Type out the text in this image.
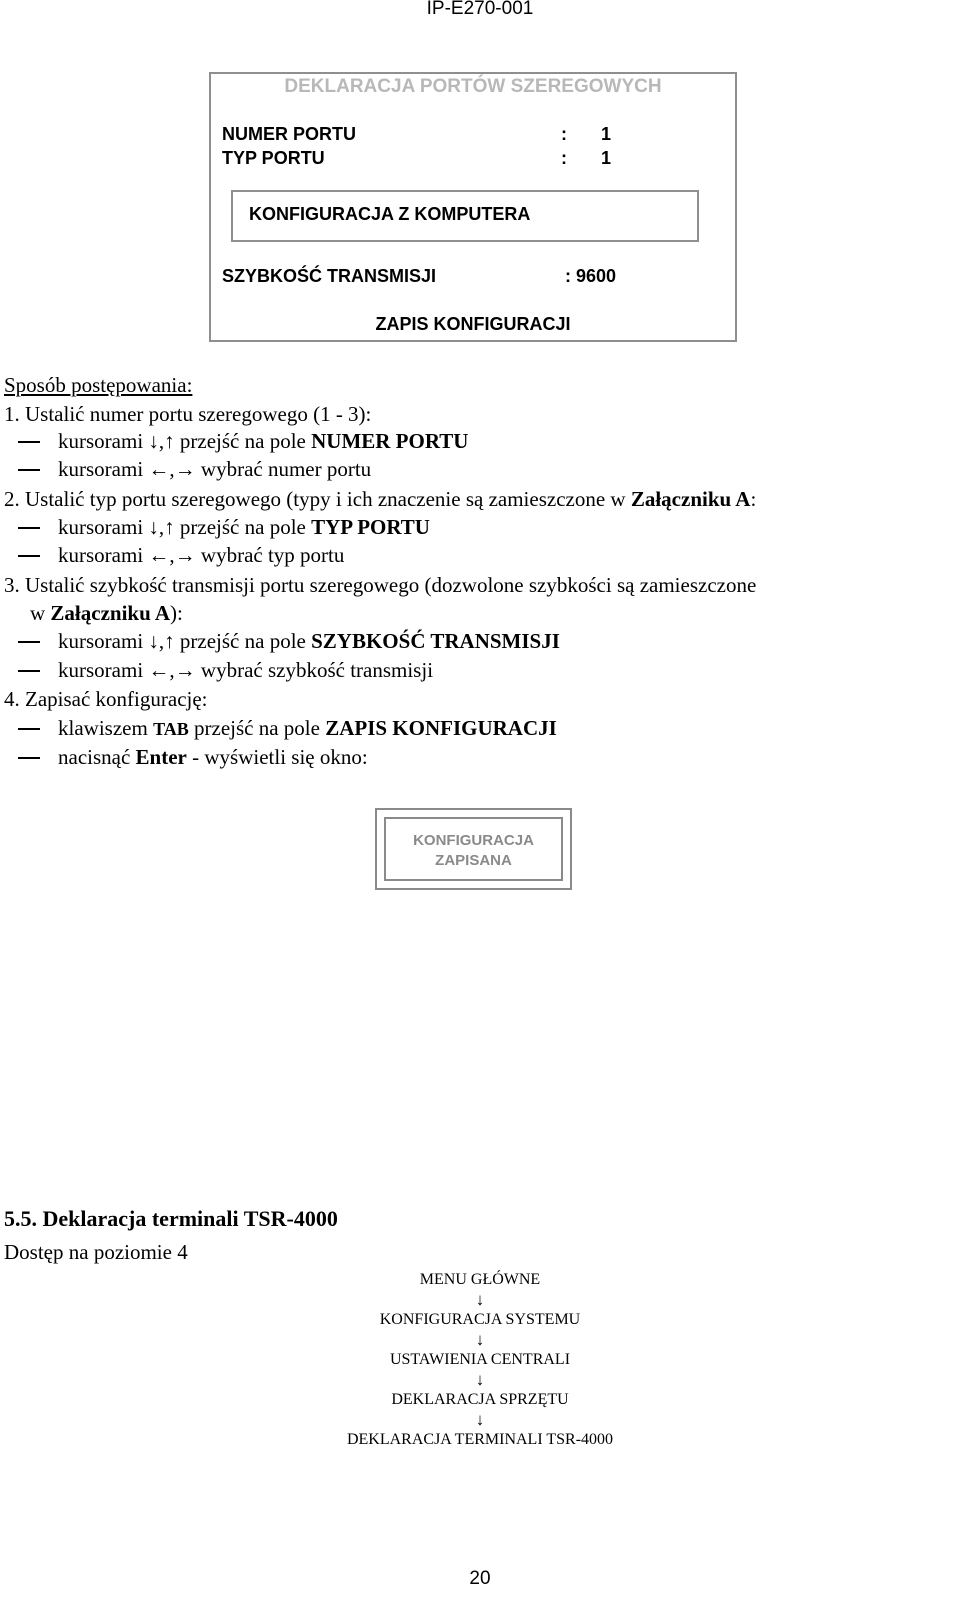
IP-E270-001
DEKLARACJA PORTÓW SZEREGOWYCH
NUMER PORTU	: 1
TYP PORTU	: 1
KONFIGURACJA Z KOMPUTERA
SZYBKOŚĆ TRANSMISJI	: 9600
ZAPIS KONFIGURACJI
Sposób postępowania:
1. Ustalić numer portu szeregowego (1 - 3):
kursorami ↓,↑ przejść na pole NUMER PORTU
kursorami ←,→ wybrać numer portu
2. Ustalić typ portu szeregowego (typy i ich znaczenie są zamieszczone w Załączniku A:
kursorami ↓,↑ przejść na pole TYP PORTU
kursorami ←,→ wybrać typ portu
3. Ustalić szybkość transmisji portu szeregowego (dozwolone szybkości są zamieszczone
w Załączniku A):
kursorami ↓,↑ przejść na pole SZYBKOŚĆ TRANSMISJI
kursorami ←,→ wybrać szybkość transmisji
4. Zapisać konfigurację:
klawiszem TAB przejść na pole ZAPIS KONFIGURACJI
nacisnąć Enter - wyświetli się okno:
KONFIGURACJA
ZAPISANA
5.5. Deklaracja terminali TSR-4000
Dostęp na poziomie 4
MENU GŁÓWNE
↓
KONFIGURACJA SYSTEMU
↓
USTAWIENIA CENTRALI
↓
DEKLARACJA SPRZĘTU
↓
DEKLARACJA TERMINALI TSR-4000
20
